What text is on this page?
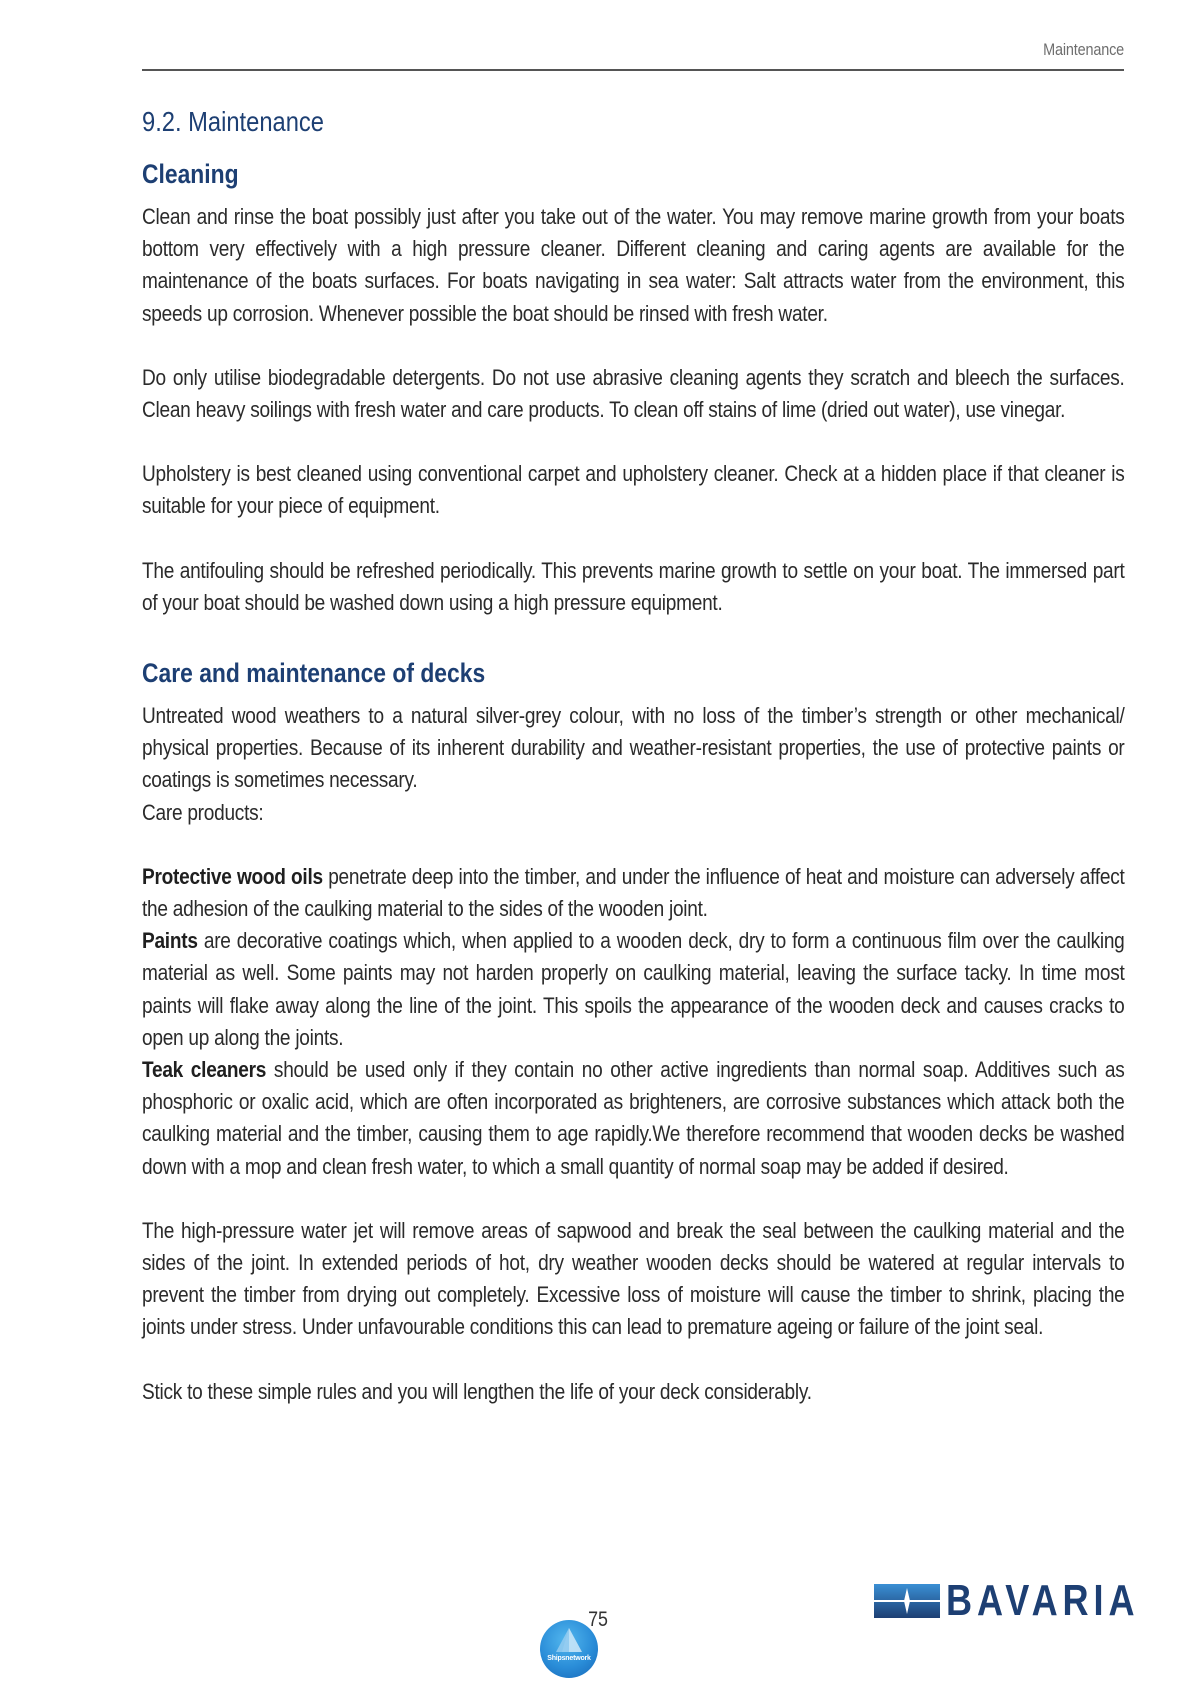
Maintenance
9.2. Maintenance
Cleaning

Clean and rinse the boat possibly just after you take out of the water. You may remove marine growth from your boats bottom very effectively with a high pressure cleaner. Different cleaning and caring agents are available for the maintenance of the boats surfaces. For boats navigating in sea water: Salt attracts water from the environment, this speeds up corrosion. Whenever possible the boat should be rinsed with fresh water.

Do only utilise biodegradable detergents. Do not use abrasive cleaning agents they scratch and bleech the surfaces. Clean heavy soilings with fresh water and care products. To clean off stains of lime (dried out water), use vinegar.

Upholstery is best cleaned using conventional carpet and upholstery cleaner. Check at a hidden place if that cleaner is suitable for your piece of equipment.

The antifouling should be refreshed periodically. This prevents marine growth to settle on your boat. The immersed part of your boat should be washed down using a high pressure equipment.

Care and maintenance of decks

Untreated wood weathers to a natural silver-grey colour, with no loss of the timber’s strength or other mechanical/ physical properties. Because of its inherent durability and weather-resistant properties, the use of protective paints or coatings is sometimes necessary.

Care products:

Protective wood oils penetrate deep into the timber, and under the influence of heat and moisture can adversely affect the adhesion of the caulking material to the sides of the wooden joint.

Paints are decorative coatings which, when applied to a wooden deck, dry to form a continuous film over the caulking material as well. Some paints may not harden properly on caulking material, leaving the surface tacky. In time most paints will flake away along the line of the joint. This spoils the appearance of the wooden deck and causes cracks to open up along the joints.

Teak cleaners should be used only if they contain no other active ingredients than normal soap. Additives such as phosphoric or oxalic acid, which are often incorporated as brighteners, are corrosive substances which attack both the caulking material and the timber, causing them to age rapidly.We therefore recommend that wooden decks be washed down with a mop and clean fresh water, to which a small quantity of normal soap may be added if desired.

The high-pressure water jet will remove areas of sapwood and break the seal between the caulking material and the sides of the joint. In extended periods of hot, dry weather wooden decks should be watered at regular intervals to prevent the timber from drying out completely. Excessive loss of moisture will cause the timber to shrink, placing the joints under stress. Under unfavourable conditions this can lead to premature ageing or failure of the joint seal.

Stick to these simple rules and you will lengthen the life of your deck considerably.

75
Shipsnetwork
BAVARIA
